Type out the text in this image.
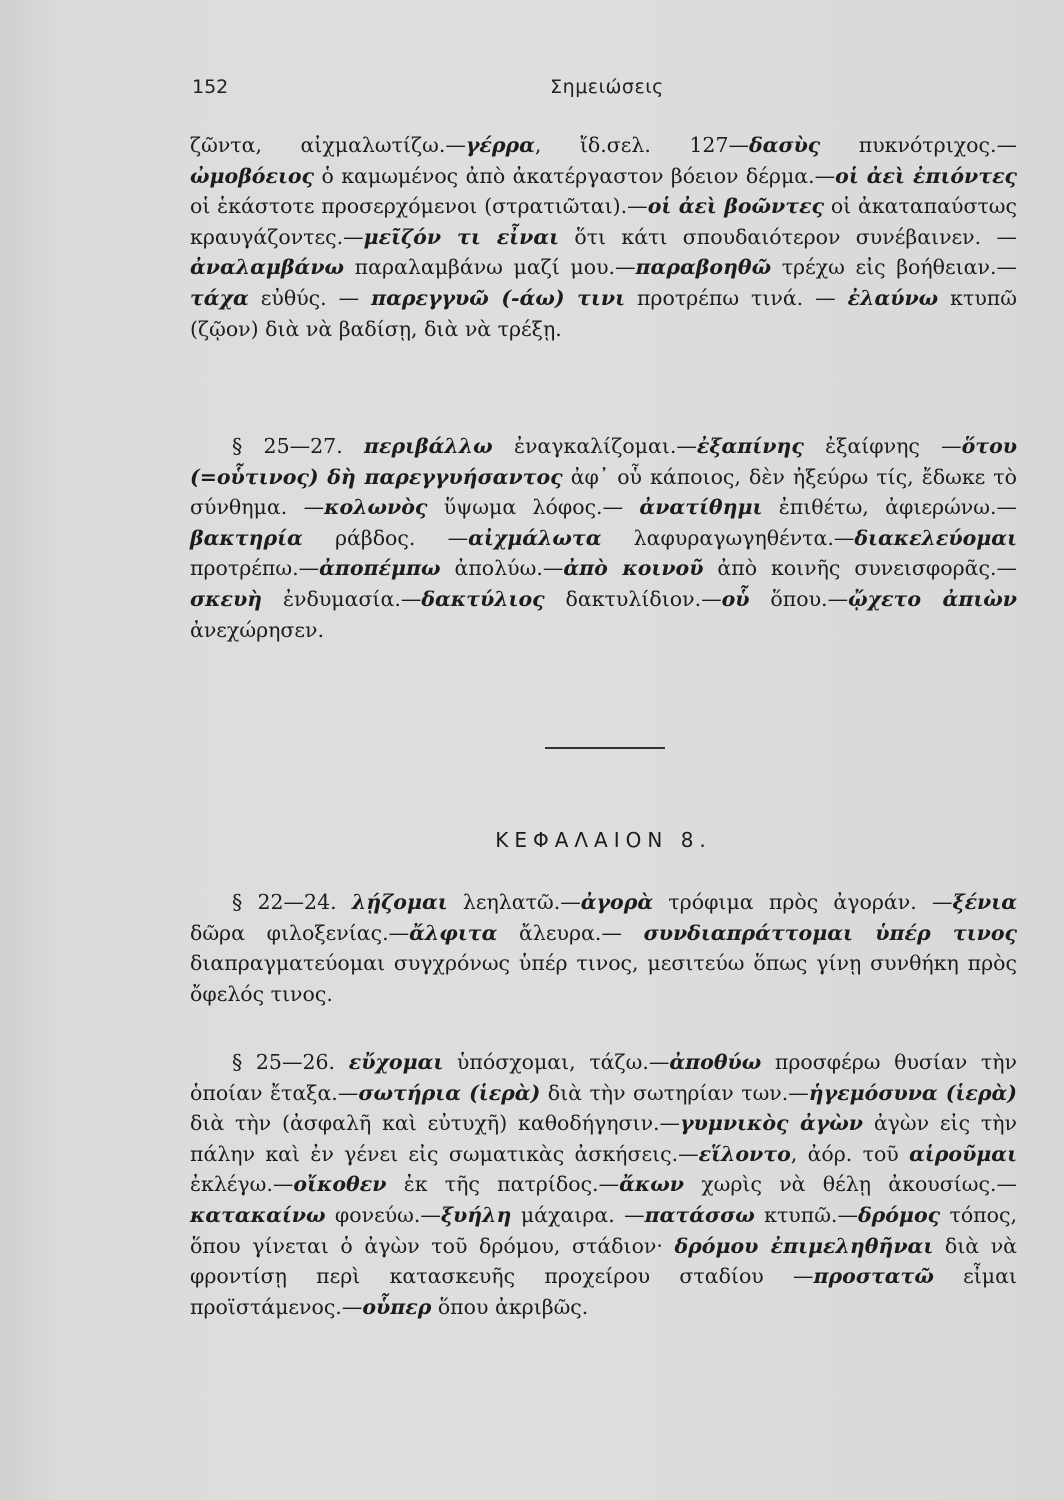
152	Σημειώσεις

ζῶντα, αἰχμαλωτίζω.—γέρρα, ἴδ.σελ. 127—δασὺς πυκνότριχος.— ὠμοβόειος ὁ καμωμένος ἀπὸ ἀκατέργαστον βόειον δέρμα.—οἱ ἀεὶ ἐπιόντες οἱ ἑκάστοτε προσερχόμενοι (στρατιῶται).—οἱ ἀεὶ βοῶντες οἱ ἀκαταπαύστως κραυγάζοντες.—μεῖζόν τι εἶναι ὅτι κάτι σπουδαιότερον συνέβαινεν. — ἀναλαμβάνω παραλαμβάνω μαζί μου.—παραβοηθῶ τρέχω εἰς βοήθειαν.—τάχα εὐθύς. — παρεγγυῶ (-άω) τινι προτρέπω τινά. — ἐλαύνω κτυπῶ (ζῷον) διὰ νὰ βαδίσῃ, διὰ νὰ τρέξῃ.

§ 25—27. περιβάλλω ἐναγκαλίζομαι.—ἐξαπίνης ἐξαίφνης —ὅτου (=οὗτινος) δὴ παρεγγυήσαντος ἀφ᾿ οὗ κάποιος, δὲν ἠξεύρω τίς, ἔδωκε τὸ σύνθημα. —κολωνὸς ὕψωμα λόφος.— ἀνατίθημι ἐπιθέτω, ἀφιερώνω.—βακτηρία ράβδος. —αἰχμάλωτα λαφυραγωγηθέντα.—διακελεύομαι προτρέπω.—ἀποπέμπω ἀπολύω.—ἀπὸ κοινοῦ ἀπὸ κοινῆς συνεισφορᾶς.—σκευὴ ἐνδυμασία.—δακτύλιος δακτυλίδιον.—οὗ ὅπου.—ᾤχετο ἀπιὼν ἀνεχώρησεν.

ΚΕΦΑΛΑΙΟΝ 8.

§ 22—24. λῄζομαι λεηλατῶ.—ἀγορὰ τρόφιμα πρὸς ἀγοράν. —ξένια δῶρα φιλοξενίας.—ἄλφιτα ἄλευρα.— συνδιαπράττομαι ὑπέρ τινος διαπραγματεύομαι συγχρόνως ὑπέρ τινος, μεσιτεύω ὅπως γίνῃ συνθήκη πρὸς ὄφελός τινος.

§ 25—26. εὔχομαι ὑπόσχομαι, τάζω.—ἀποθύω προσφέρω θυσίαν τὴν ὁποίαν ἔταξα.—σωτήρια (ἱερὰ) διὰ τὴν σωτηρίαν των.—ἡγεμόσυνα (ἱερὰ) διὰ τὴν (ἀσφαλῆ καὶ εὐτυχῆ) καθοδήγησιν.—γυμνικὸς ἀγὼν ἀγὼν εἰς τὴν πάλην καὶ ἐν γένει εἰς σωματικὰς ἀσκήσεις.—εἵλοντο, ἀόρ. τοῦ αἱροῦμαι ἐκλέγω.—οἴκοθεν ἐκ τῆς πατρίδος.—ἄκων χωρὶς νὰ θέλῃ ἀκουσίως.—κατακαίνω φονεύω.—ξυήλη μάχαιρα. —πατάσσω κτυπῶ.—δρόμος τόπος, ὅπου γίνεται ὁ ἀγὼν τοῦ δρόμου, στάδιον· δρόμου ἐπιμεληθῆναι διὰ νὰ φροντίσῃ περὶ κατασκευῆς προχείρου σταδίου —προστατῶ εἶμαι προϊστάμενος.—οὗπερ ὅπου ἀκριβῶς.
